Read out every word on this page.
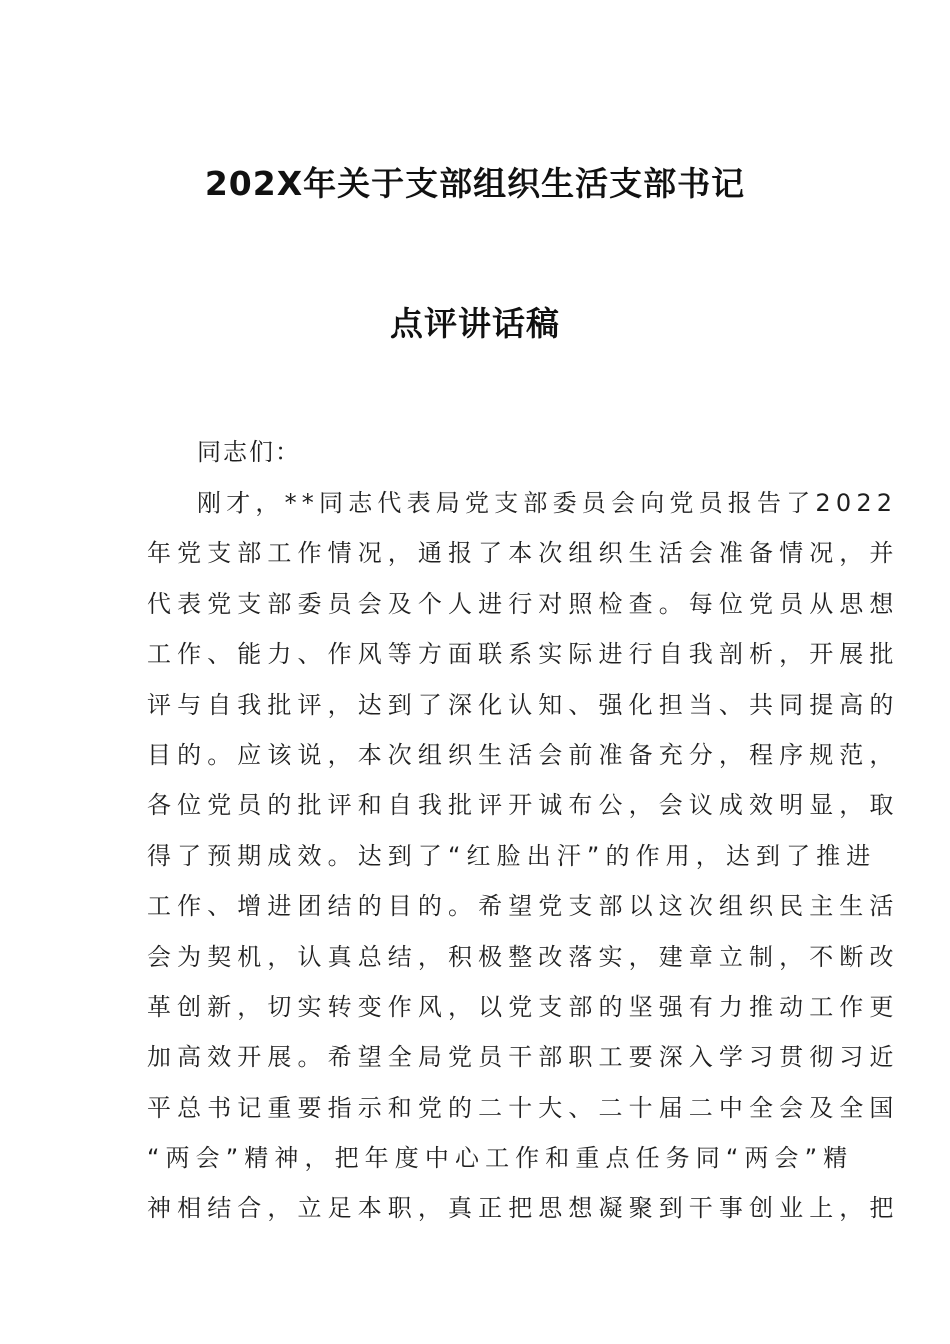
202X年关于支部组织生活支部书记
点评讲话稿
同志们：
刚才，**同志代表局党支部委员会向党员报告了2022
年党支部工作情况，通报了本次组织生活会准备情况，并
代表党支部委员会及个人进行对照检查。每位党员从思想
工作、能力、作风等方面联系实际进行自我剖析，开展批
评与自我批评，达到了深化认知、强化担当、共同提高的
目的。应该说，本次组织生活会前准备充分，程序规范，
各位党员的批评和自我批评开诚布公，会议成效明显，取
得了预期成效。达到了“红脸出汗”的作用，达到了推进
工作、增进团结的目的。希望党支部以这次组织民主生活
会为契机，认真总结，积极整改落实，建章立制，不断改
革创新，切实转变作风，以党支部的坚强有力推动工作更
加高效开展。希望全局党员干部职工要深入学习贯彻习近
平总书记重要指示和党的二十大、二十届二中全会及全国
“两会”精神，把年度中心工作和重点任务同“两会”精
神相结合，立足本职，真正把思想凝聚到干事创业上，把
